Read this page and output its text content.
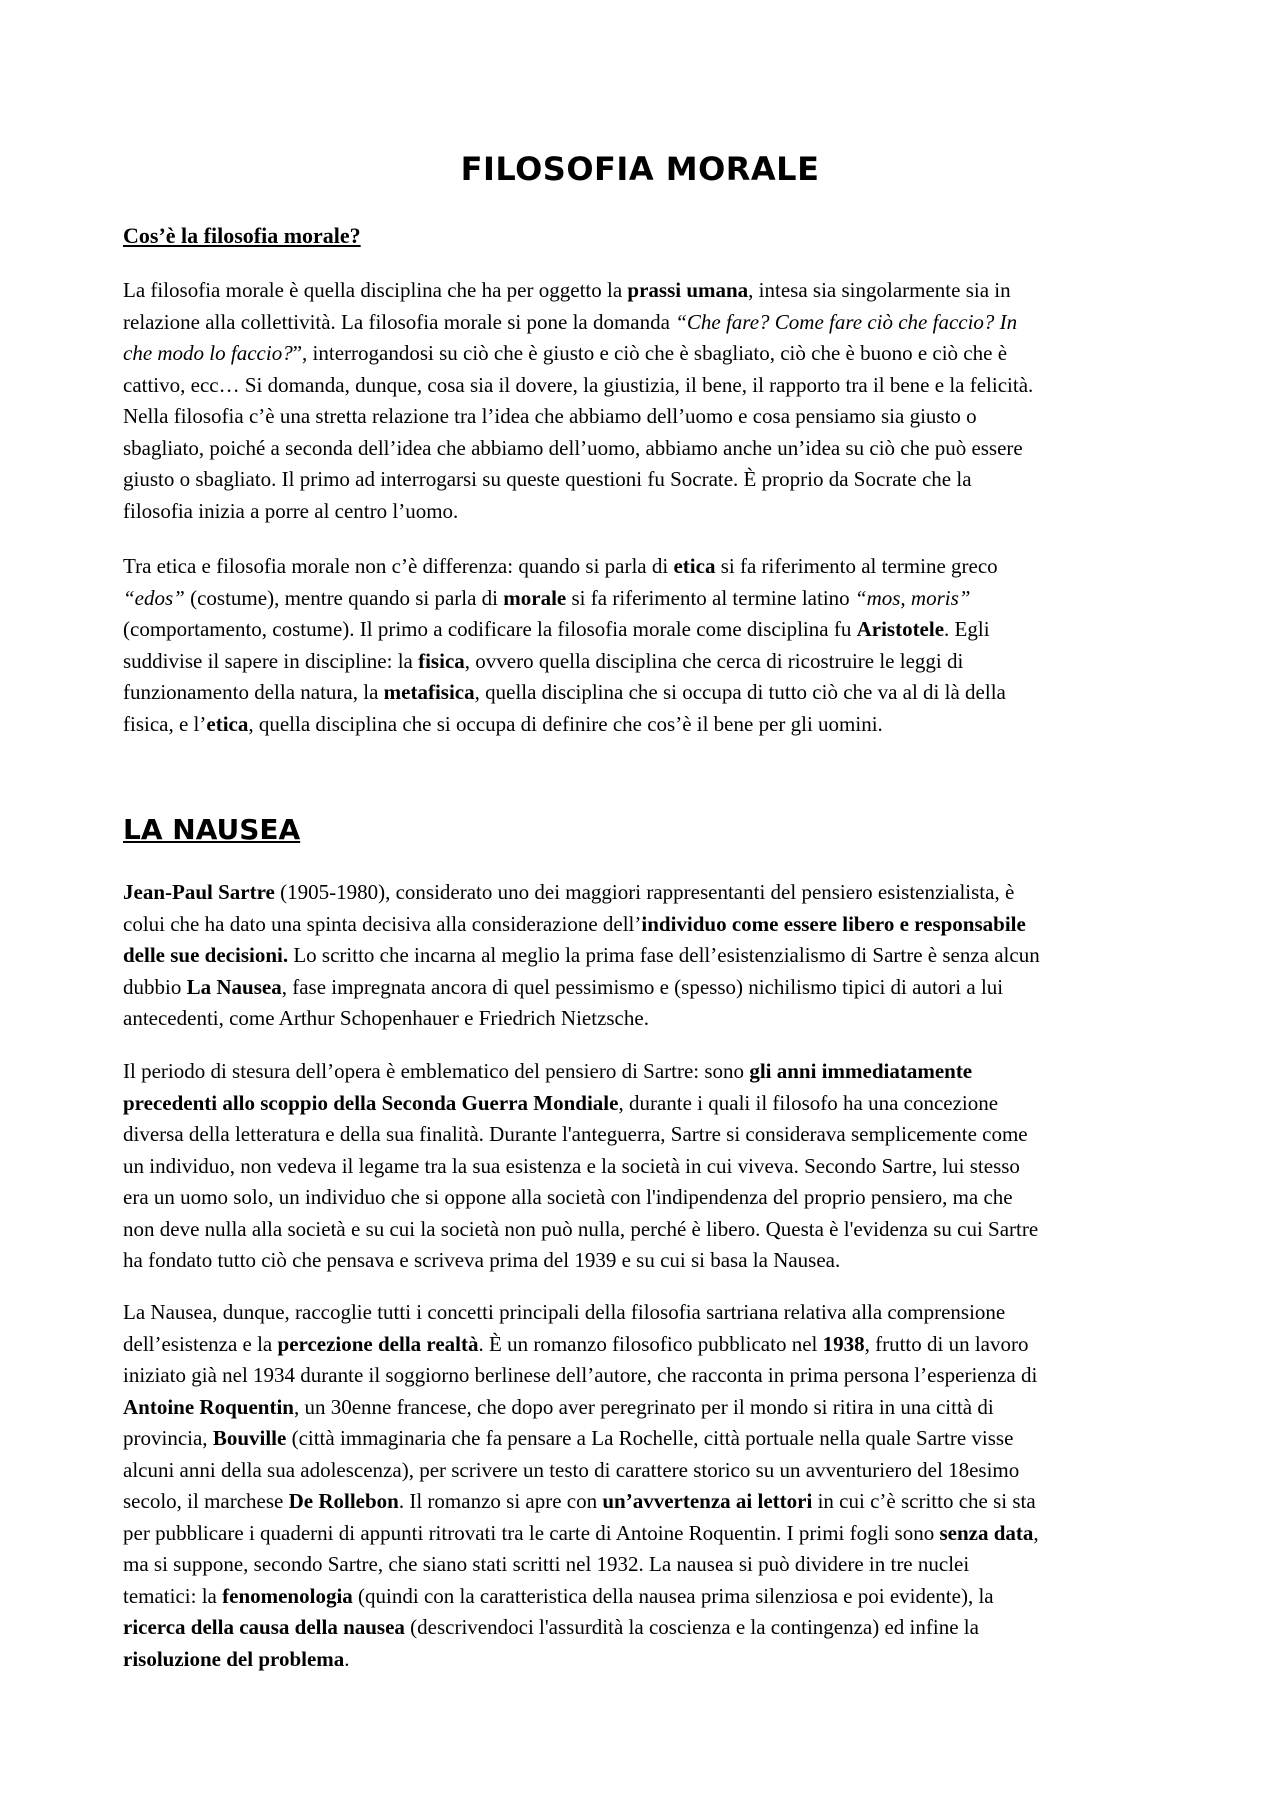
FILOSOFIA MORALE
Cos’è la filosofia morale?

La filosofia morale è quella disciplina che ha per oggetto la prassi umana, intesa sia singolarmente sia in
relazione alla collettività. La filosofia morale si pone la domanda “Che fare? Come fare ciò che faccio? In
che modo lo faccio?”, interrogandosi su ciò che è giusto e ciò che è sbagliato, ciò che è buono e ciò che è
cattivo, ecc… Si domanda, dunque, cosa sia il dovere, la giustizia, il bene, il rapporto tra il bene e la felicità.
Nella filosofia c’è una stretta relazione tra l’idea che abbiamo dell’uomo e cosa pensiamo sia giusto o
sbagliato, poiché a seconda dell’idea che abbiamo dell’uomo, abbiamo anche un’idea su ciò che può essere
giusto o sbagliato. Il primo ad interrogarsi su queste questioni fu Socrate. È proprio da Socrate che la
filosofia inizia a porre al centro l’uomo.

Tra etica e filosofia morale non c’è differenza: quando si parla di etica si fa riferimento al termine greco
“edos” (costume), mentre quando si parla di morale si fa riferimento al termine latino “mos, moris”
(comportamento, costume). Il primo a codificare la filosofia morale come disciplina fu Aristotele. Egli
suddivise il sapere in discipline: la fisica, ovvero quella disciplina che cerca di ricostruire le leggi di
funzionamento della natura, la metafisica, quella disciplina che si occupa di tutto ciò che va al di là della
fisica, e l’etica, quella disciplina che si occupa di definire che cos’è il bene per gli uomini.

LA NAUSEA

Jean-Paul Sartre (1905-1980), considerato uno dei maggiori rappresentanti del pensiero esistenzialista, è
colui che ha dato una spinta decisiva alla considerazione dell’individuo come essere libero e responsabile
delle sue decisioni. Lo scritto che incarna al meglio la prima fase dell’esistenzialismo di Sartre è senza alcun
dubbio La Nausea, fase impregnata ancora di quel pessimismo e (spesso) nichilismo tipici di autori a lui
antecedenti, come Arthur Schopenhauer e Friedrich Nietzsche.

Il periodo di stesura dell’opera è emblematico del pensiero di Sartre: sono gli anni immediatamente
precedenti allo scoppio della Seconda Guerra Mondiale, durante i quali il filosofo ha una concezione
diversa della letteratura e della sua finalità. Durante l'anteguerra, Sartre si considerava semplicemente come
un individuo, non vedeva il legame tra la sua esistenza e la società in cui viveva. Secondo Sartre, lui stesso
era un uomo solo, un individuo che si oppone alla società con l'indipendenza del proprio pensiero, ma che
non deve nulla alla società e su cui la società non può nulla, perché è libero. Questa è l'evidenza su cui Sartre
ha fondato tutto ciò che pensava e scriveva prima del 1939 e su cui si basa la Nausea.

La Nausea, dunque, raccoglie tutti i concetti principali della filosofia sartriana relativa alla comprensione
dell’esistenza e la percezione della realtà. È un romanzo filosofico pubblicato nel 1938, frutto di un lavoro
iniziato già nel 1934 durante il soggiorno berlinese dell’autore, che racconta in prima persona l’esperienza di
Antoine Roquentin, un 30enne francese, che dopo aver peregrinato per il mondo si ritira in una città di
provincia, Bouville (città immaginaria che fa pensare a La Rochelle, città portuale nella quale Sartre visse
alcuni anni della sua adolescenza), per scrivere un testo di carattere storico su un avventuriero del 18esimo
secolo, il marchese De Rollebon. Il romanzo si apre con un’avvertenza ai lettori in cui c’è scritto che si sta
per pubblicare i quaderni di appunti ritrovati tra le carte di Antoine Roquentin. I primi fogli sono senza data,
ma si suppone, secondo Sartre, che siano stati scritti nel 1932. La nausea si può dividere in tre nuclei
tematici: la fenomenologia (quindi con la caratteristica della nausea prima silenziosa e poi evidente), la
ricerca della causa della nausea (descrivendoci l'assurdità la coscienza e la contingenza) ed infine la
risoluzione del problema.
